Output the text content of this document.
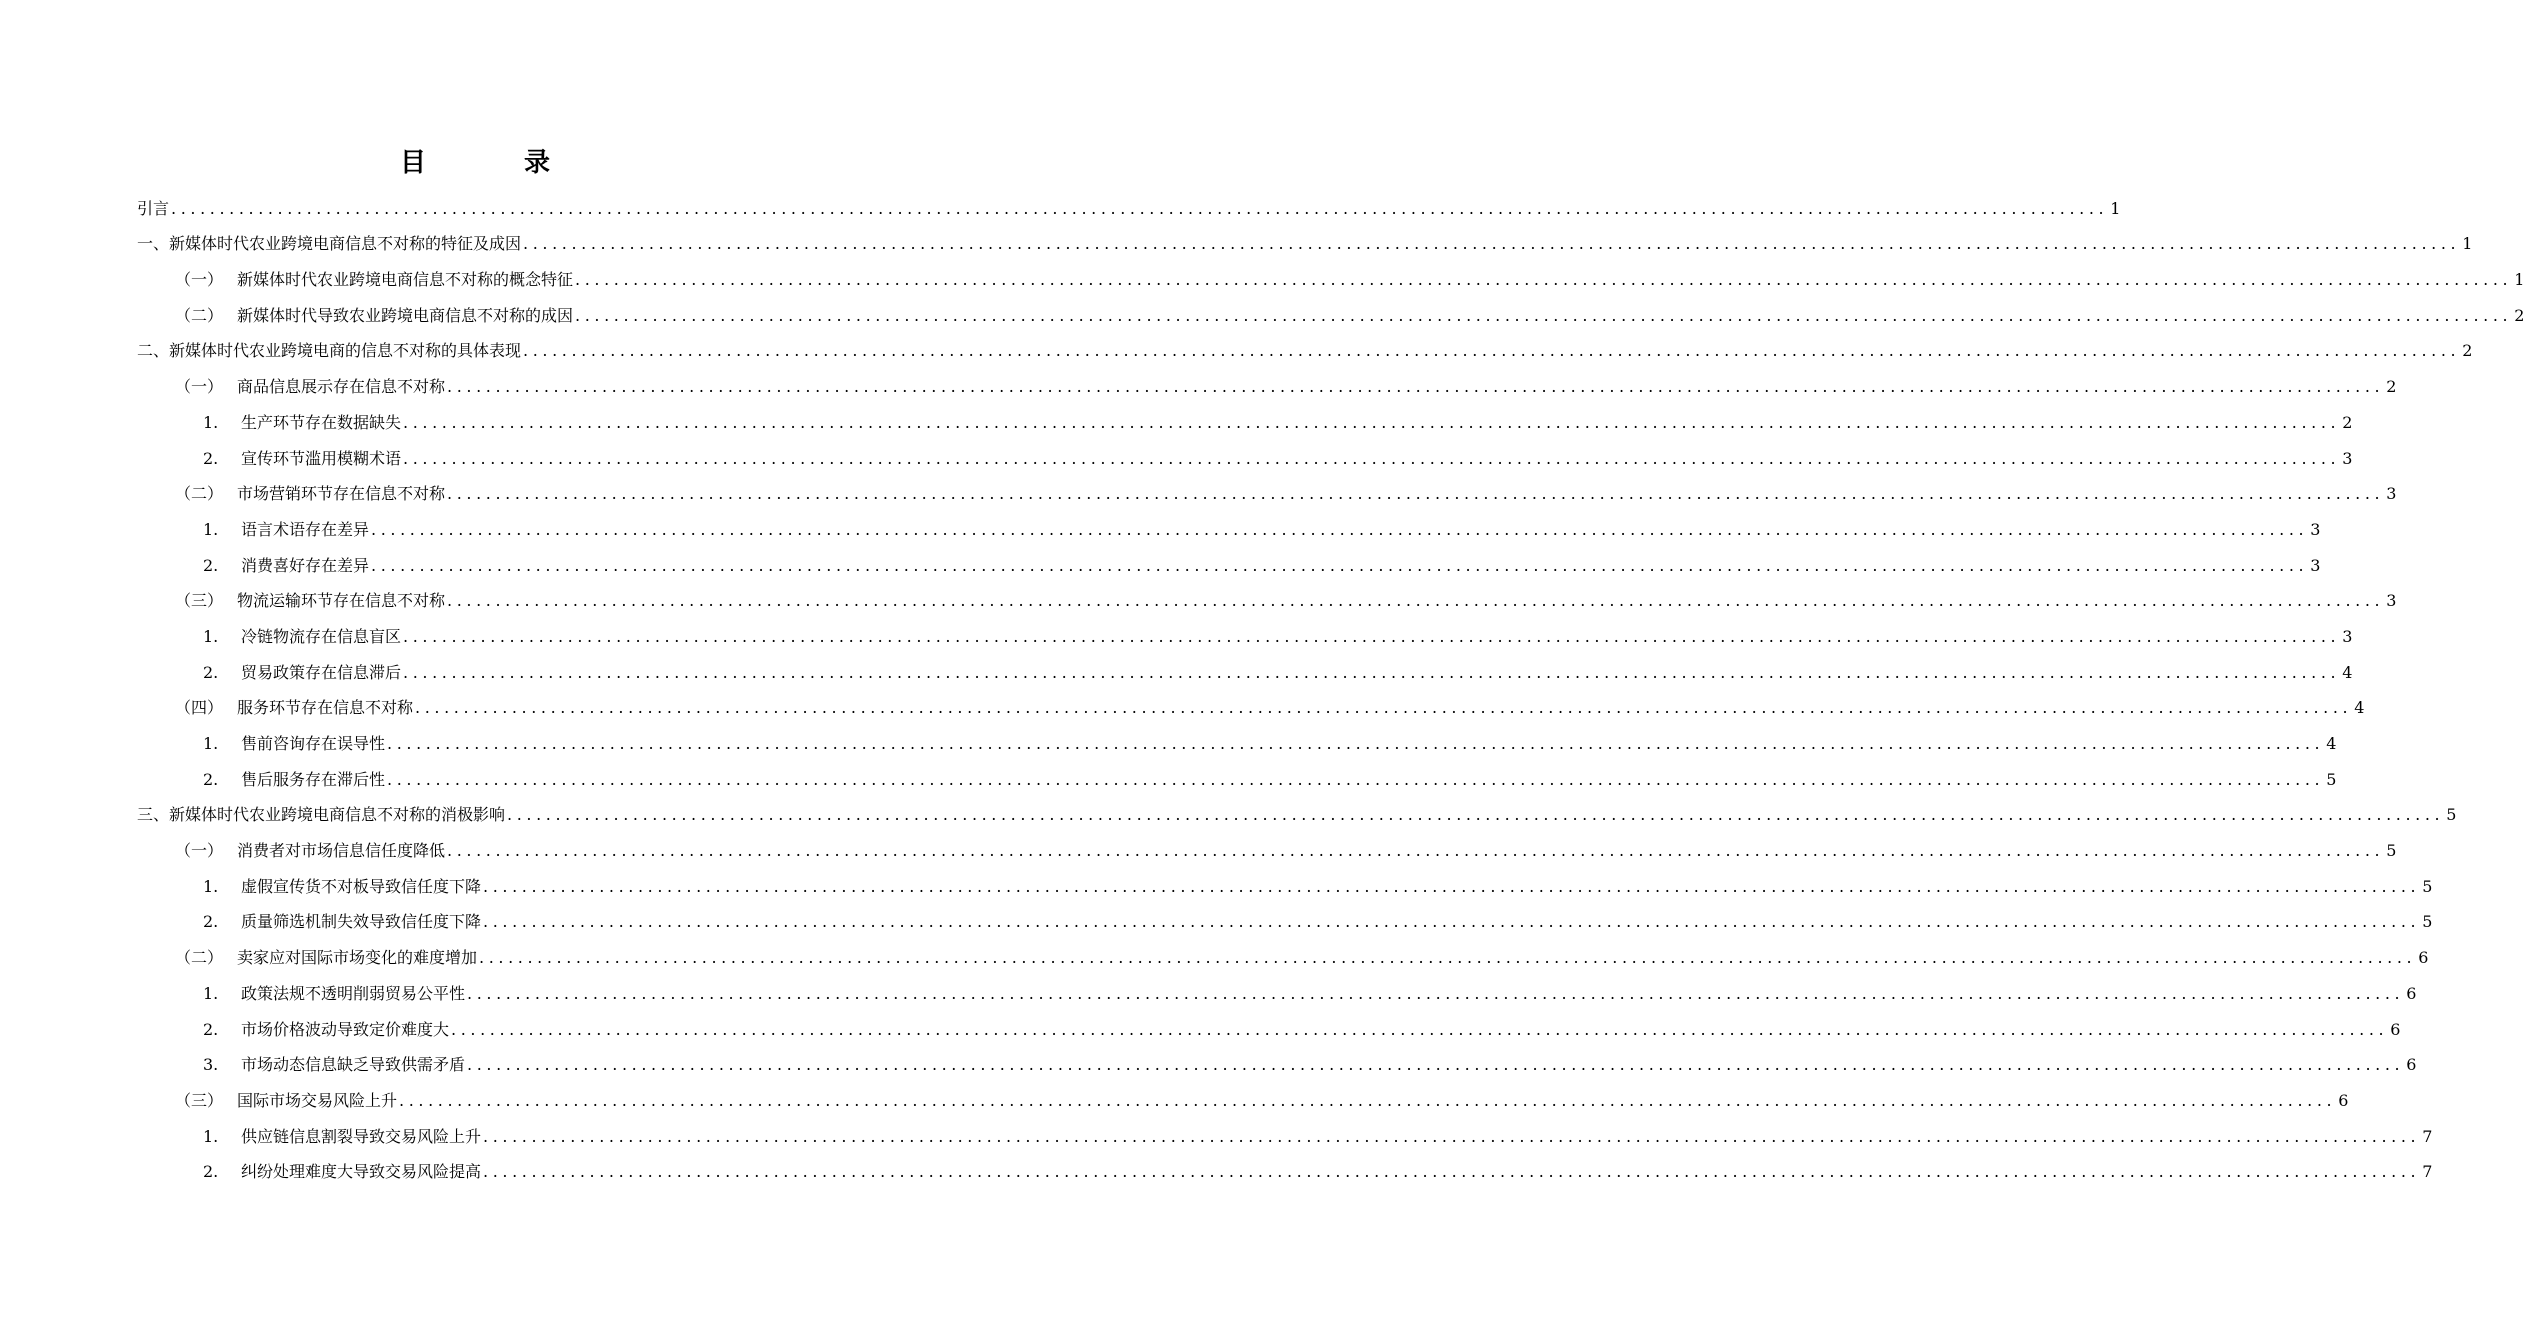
目　录
引言 ........................................................................................................................................................................................................ 1
一、新媒体时代农业跨境电商信息不对称的特征及成因 ........................................................................................................................................................................................................ 1
（一） 新媒体时代农业跨境电商信息不对称的概念特征 ........................................................................................................................................................................................................ 1
（二） 新媒体时代导致农业跨境电商信息不对称的成因 ........................................................................................................................................................................................................ 2
二、新媒体时代农业跨境电商的信息不对称的具体表现 ........................................................................................................................................................................................................ 2
（一） 商品信息展示存在信息不对称 ........................................................................................................................................................................................................ 2
1.	生产环节存在数据缺失 ........................................................................................................................................................................................................ 2
2.	宣传环节滥用模糊术语 ........................................................................................................................................................................................................ 3
（二） 市场营销环节存在信息不对称 ........................................................................................................................................................................................................ 3
1.	语言术语存在差异 ........................................................................................................................................................................................................ 3
2.	消费喜好存在差异 ........................................................................................................................................................................................................ 3
（三） 物流运输环节存在信息不对称 ........................................................................................................................................................................................................ 3
1.	冷链物流存在信息盲区 ........................................................................................................................................................................................................ 3
2.	贸易政策存在信息滞后 ........................................................................................................................................................................................................ 4
（四） 服务环节存在信息不对称 ........................................................................................................................................................................................................ 4
1.	售前咨询存在误导性 ........................................................................................................................................................................................................ 4
2.	售后服务存在滞后性 ........................................................................................................................................................................................................ 5
三、新媒体时代农业跨境电商信息不对称的消极影响 ........................................................................................................................................................................................................ 5
（一） 消费者对市场信息信任度降低 ........................................................................................................................................................................................................ 5
1.	虚假宣传货不对板导致信任度下降 ........................................................................................................................................................................................................ 5
2.	质量筛选机制失效导致信任度下降 ........................................................................................................................................................................................................ 5
（二） 卖家应对国际市场变化的难度增加 ........................................................................................................................................................................................................ 6
1.	政策法规不透明削弱贸易公平性 ........................................................................................................................................................................................................ 6
2.	市场价格波动导致定价难度大 ........................................................................................................................................................................................................ 6
3.	市场动态信息缺乏导致供需矛盾 ........................................................................................................................................................................................................ 6
（三） 国际市场交易风险上升 ........................................................................................................................................................................................................ 6
1.	供应链信息割裂导致交易风险上升 ........................................................................................................................................................................................................ 7
2.	纠纷处理难度大导致交易风险提高 ........................................................................................................................................................................................................ 7
